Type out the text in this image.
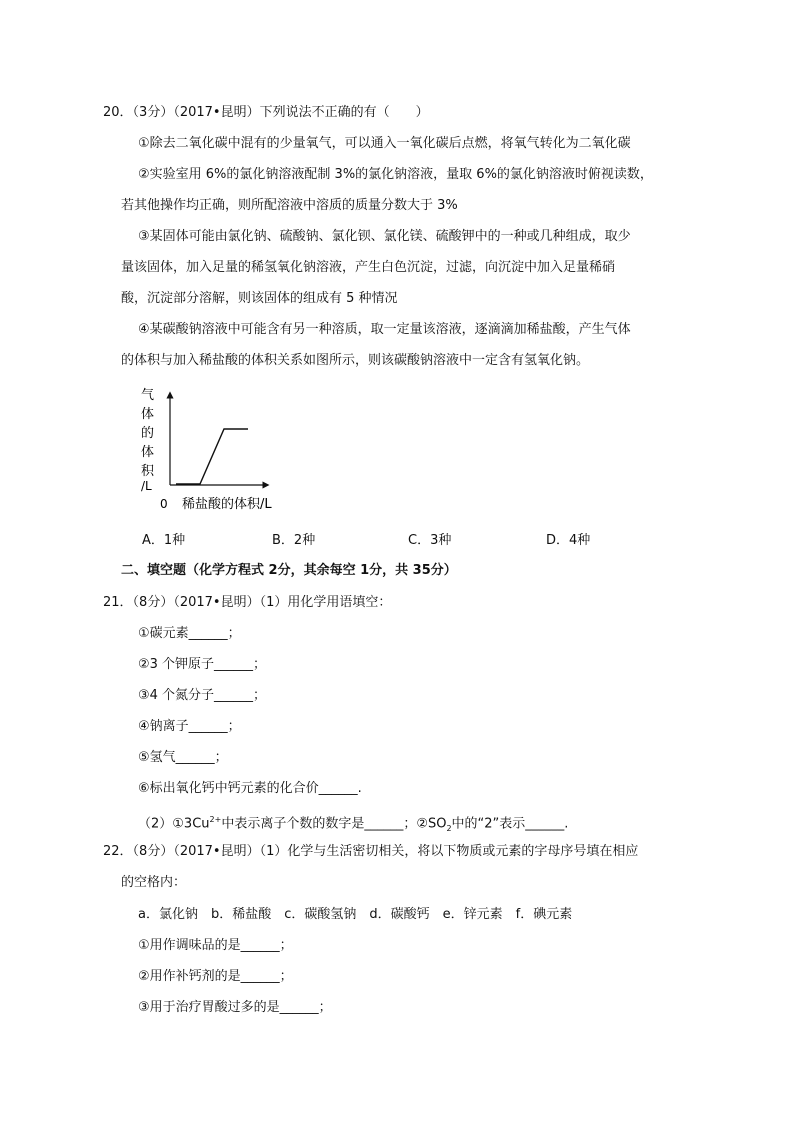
20．（3分）（2017•昆明）下列说法不正确的有（　　）
①除去二氧化碳中混有的少量氧气，可以通入一氧化碳后点燃，将氧气转化为二氧化碳
②实验室用 6%的氯化钠溶液配制 3%的氯化钠溶液，量取 6%的氯化钠溶液时俯视读数，
若其他操作均正确，则所配溶液中溶质的质量分数大于 3%
③某固体可能由氯化钠、硫酸钠、氯化钡、氯化镁、硫酸钾中的一种或几种组成，取少
量该固体，加入足量的稀氢氧化钠溶液，产生白色沉淀，过滤，向沉淀中加入足量稀硝
酸，沉淀部分溶解，则该固体的组成有 5 种情况
④某碳酸钠溶液中可能含有另一种溶质，取一定量该溶液，逐滴滴加稀盐酸，产生气体
的体积与加入稀盐酸的体积关系如图所示，则该碳酸钠溶液中一定含有氢氧化钠。
气
体
的
体
积
/L
0 稀盐酸的体积/L
A．1种	B．2种	C．3种	D．4种
二、填空题（化学方程式 2分，其余每空 1分，共 35分）
21．（8分）（2017•昆明）（1）用化学用语填空：
①碳元素______；
②3 个钾原子______；
③4 个氮分子______；
④钠离子______；
⑤氢气______；
⑥标出氧化钙中钙元素的化合价______.
$(2)①3Cu^{2+}$中表示离子个数的数字是______；$②SO_2$中的“2”表示______.
22．（8分）（2017•昆明）（1）化学与生活密切相关，将以下物质或元素的字母序号填在相应
的空格内：
a．氯化钠　b．稀盐酸　c．碳酸氢钠　d．碳酸钙　e．锌元素　f．碘元素
①用作调味品的是______；
②用作补钙剂的是______；
③用于治疗胃酸过多的是______；
